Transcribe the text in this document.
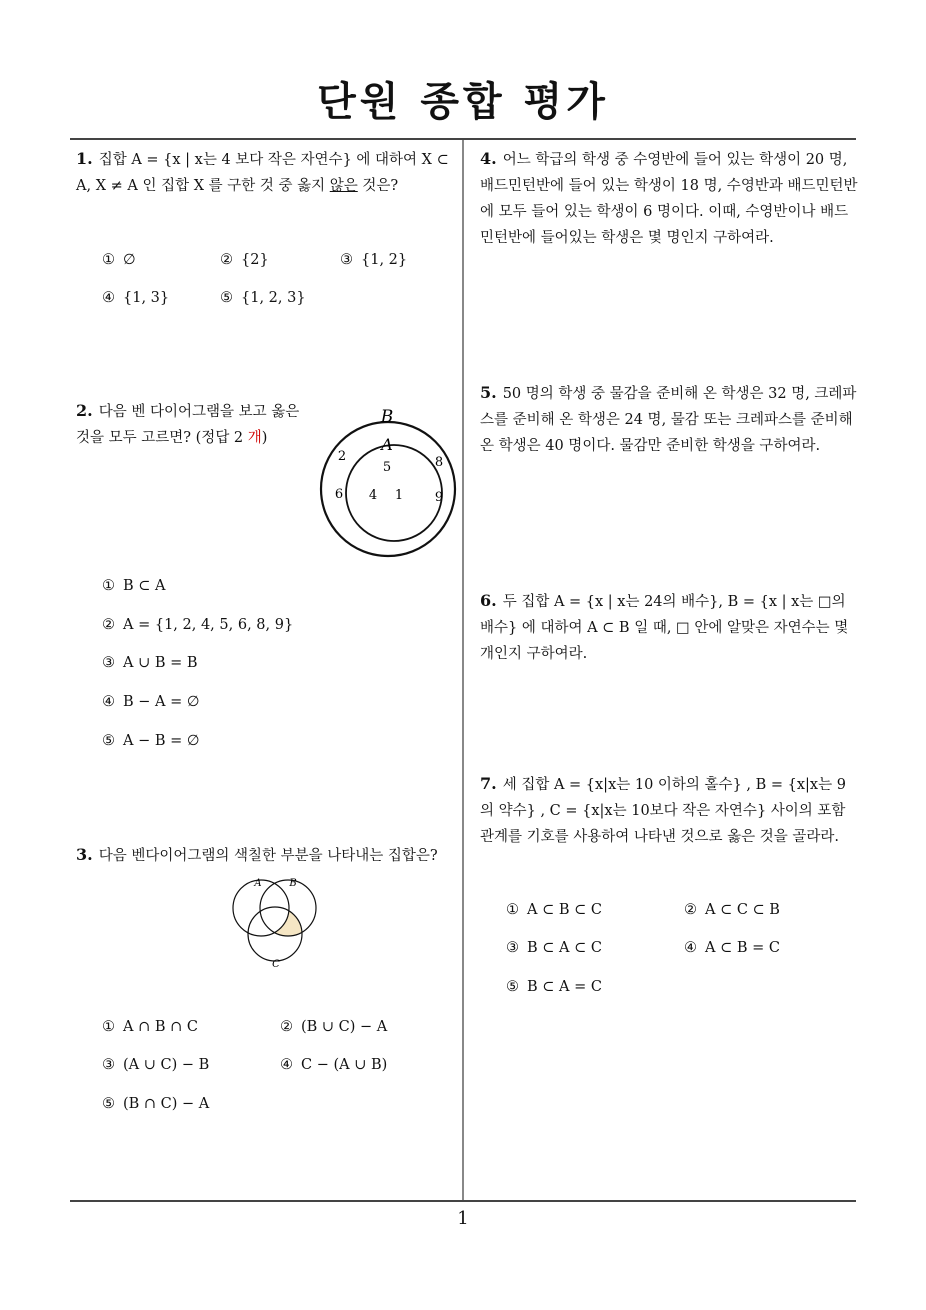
단원 종합 평가
1
1. 집합 A = {x | x는 4 보다 작은 자연수} 에 대하여 X ⊂ A, X ≠ A 인 집합 X 를 구한 것 중 옳지 않은 것은?
① ∅	② {2}	③ {1, 2}
④ {1, 3}	⑤ {1, 2, 3}
2. 다음 벤 다이어그램을 보고 옳은 것을 모두 고르면? (정답 2 개)
B
A
5
4 1
2
6
8
9
① B ⊂ A
② A = {1, 2, 4, 5, 6, 8, 9}
③ A ∪ B = B
④ B − A = ∅
⑤ A − B = ∅
3. 다음 벤다이어그램의 색칠한 부분을 나타내는 집합은?
A	B
C
① A ∩ B ∩ C	② (B ∪ C) − A
③ (A ∪ C) − B	④ C − (A ∪ B)
⑤ (B ∩ C) − A
4. 어느 학급의 학생 중 수영반에 들어 있는 학생이 20 명, 배드민턴반에 들어 있는 학생이 18 명, 수영반과 배드민턴반에 모두 들어 있는 학생이 6 명이다. 이때, 수영반이나 배드민턴반에 들어있는 학생은 몇 명인지 구하여라.
5. 50 명의 학생 중 물감을 준비해 온 학생은 32 명, 크레파스를 준비해 온 학생은 24 명, 물감 또는 크레파스를 준비해 온 학생은 40 명이다. 물감만 준비한 학생을 구하여라.
6. 두 집합 A = {x | x는 24의 배수}, B = {x | x는 □의 배수} 에 대하여 A ⊂ B 일 때, □ 안에 알맞은 자연수는 몇 개인지 구하여라.
7. 세 집합 A = {x|x는 10 이하의 홀수} , B = {x|x는 9의 약수} , C = {x|x는 10보다 작은 자연수} 사이의 포함관계를 기호를 사용하여 나타낸 것으로 옳은 것을 골라라.
① A ⊂ B ⊂ C	② A ⊂ C ⊂ B
③ B ⊂ A ⊂ C	④ A ⊂ B = C
⑤ B ⊂ A = C
